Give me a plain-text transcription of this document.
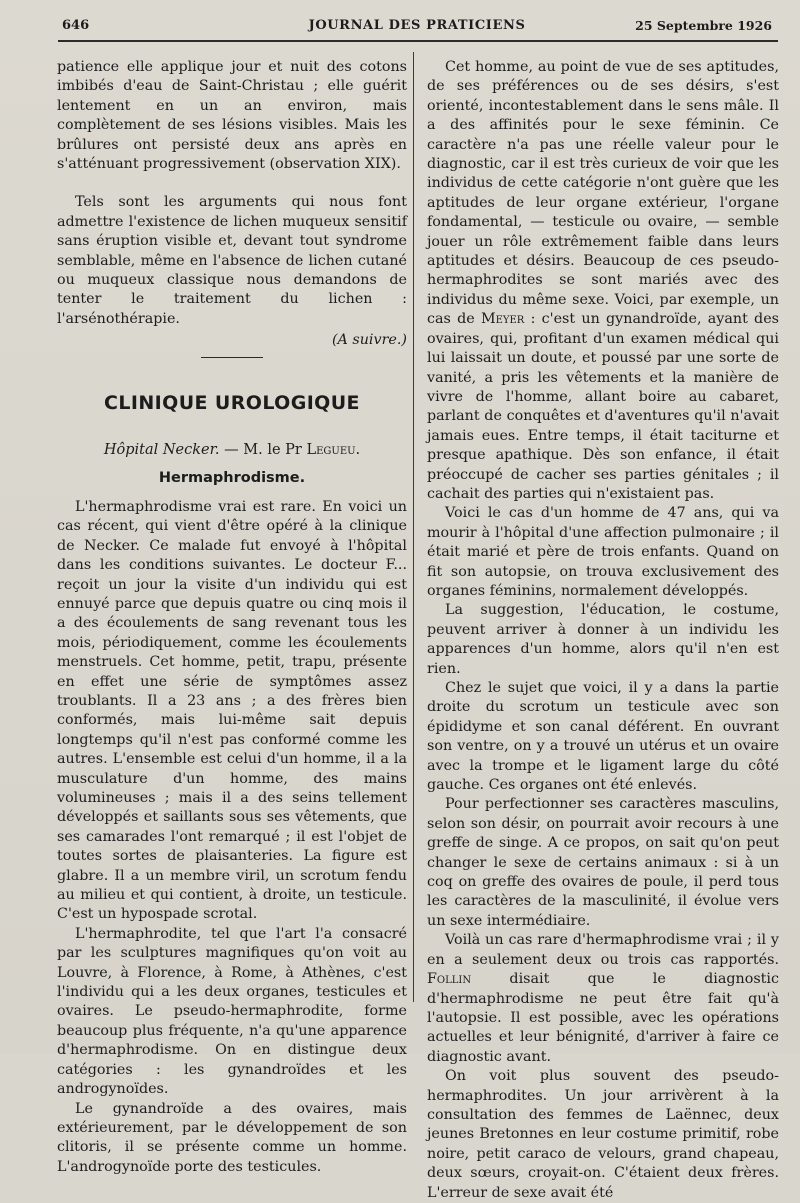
646	JOURNAL DES PRATICIENS	25 Septembre 1926

patience elle applique jour et nuit des cotons imbibés d'eau de Saint-Christau ; elle guérit lentement en un an environ, mais complètement de ses lésions visibles. Mais les brûlures ont persisté deux ans après en s'atténuant progressivement (observation XIX).

Tels sont les arguments qui nous font admettre l'existence de lichen muqueux sensitif sans éruption visible et, devant tout syndrome semblable, même en l'absence de lichen cutané ou muqueux classique nous demandons de tenter le traitement du lichen : l'arsénothérapie.

(A suivre.)
CLINIQUE UROLOGIQUE
Hôpital Necker. — M. le Pr Legueu.
Hermaphrodisme.

L'hermaphrodisme vrai est rare. En voici un cas récent, qui vient d'être opéré à la clinique de Necker. Ce malade fut envoyé à l'hôpital dans les conditions suivantes. Le docteur F... reçoit un jour la visite d'un individu qui est ennuyé parce que depuis quatre ou cinq mois il a des écoulements de sang revenant tous les mois, périodiquement, comme les écoulements menstruels. Cet homme, petit, trapu, présente en effet une série de symptômes assez troublants. Il a 23 ans ; a des frères bien conformés, mais lui-même sait depuis longtemps qu'il n'est pas conformé comme les autres. L'ensemble est celui d'un homme, il a la musculature d'un homme, des mains volumineuses ; mais il a des seins tellement développés et saillants sous ses vêtements, que ses camarades l'ont remarqué ; il est l'objet de toutes sortes de plaisanteries. La figure est glabre. Il a un membre viril, un scrotum fendu au milieu et qui contient, à droite, un testicule. C'est un hypospade scrotal.

L'hermaphrodite, tel que l'art l'a consacré par les sculptures magnifiques qu'on voit au Louvre, à Florence, à Rome, à Athènes, c'est l'individu qui a les deux organes, testicules et ovaires. Le pseudo-hermaphrodite, forme beaucoup plus fréquente, n'a qu'une apparence d'hermaphrodisme. On en distingue deux catégories : les gynandroïdes et les androgynoïdes.

Le gynandroïde a des ovaires, mais extérieurement, par le développement de son clitoris, il se présente comme un homme. L'androgynoïde porte des testicules.

Cet homme, au point de vue de ses aptitudes, de ses préférences ou de ses désirs, s'est orienté, incontestablement dans le sens mâle. Il a des affinités pour le sexe féminin. Ce caractère n'a pas une réelle valeur pour le diagnostic, car il est très curieux de voir que les individus de cette catégorie n'ont guère que les aptitudes de leur organe extérieur, l'organe fondamental, — testicule ou ovaire, — semble jouer un rôle extrêmement faible dans leurs aptitudes et désirs. Beaucoup de ces pseudo-hermaphrodites se sont mariés avec des individus du même sexe. Voici, par exemple, un cas de Meyer : c'est un gynandroïde, ayant des ovaires, qui, profitant d'un examen médical qui lui laissait un doute, et poussé par une sorte de vanité, a pris les vêtements et la manière de vivre de l'homme, allant boire au cabaret, parlant de conquêtes et d'aventures qu'il n'avait jamais eues. Entre temps, il était taciturne et presque apathique. Dès son enfance, il était préoccupé de cacher ses parties génitales ; il cachait des parties qui n'existaient pas.

Voici le cas d'un homme de 47 ans, qui va mourir à l'hôpital d'une affection pulmonaire ; il était marié et père de trois enfants. Quand on fit son autopsie, on trouva exclusivement des organes féminins, normalement développés.

La suggestion, l'éducation, le costume, peuvent arriver à donner à un individu les apparences d'un homme, alors qu'il n'en est rien.

Chez le sujet que voici, il y a dans la partie droite du scrotum un testicule avec son épididyme et son canal déférent. En ouvrant son ventre, on y a trouvé un utérus et un ovaire avec la trompe et le ligament large du côté gauche. Ces organes ont été enlevés.

Pour perfectionner ses caractères masculins, selon son désir, on pourrait avoir recours à une greffe de singe. A ce propos, on sait qu'on peut changer le sexe de certains animaux : si à un coq on greffe des ovaires de poule, il perd tous les caractères de la masculinité, il évolue vers un sexe intermédiaire.

Voilà un cas rare d'hermaphrodisme vrai ; il y en a seulement deux ou trois cas rapportés. Follin	disait que le diagnostic d'hermaphrodisme ne peut être fait qu'à l'autopsie. Il est possible, avec les opérations actuelles et leur bénignité, d'arriver à faire ce diagnostic avant.

On voit plus souvent des pseudo-hermaphrodites. Un jour arrivèrent à la consultation des femmes de Laënnec, deux jeunes Bretonnes en leur costume primitif, robe noire, petit caraco de velours, grand chapeau, deux sœurs, croyait-on. C'étaient deux frères. L'erreur de sexe avait été
